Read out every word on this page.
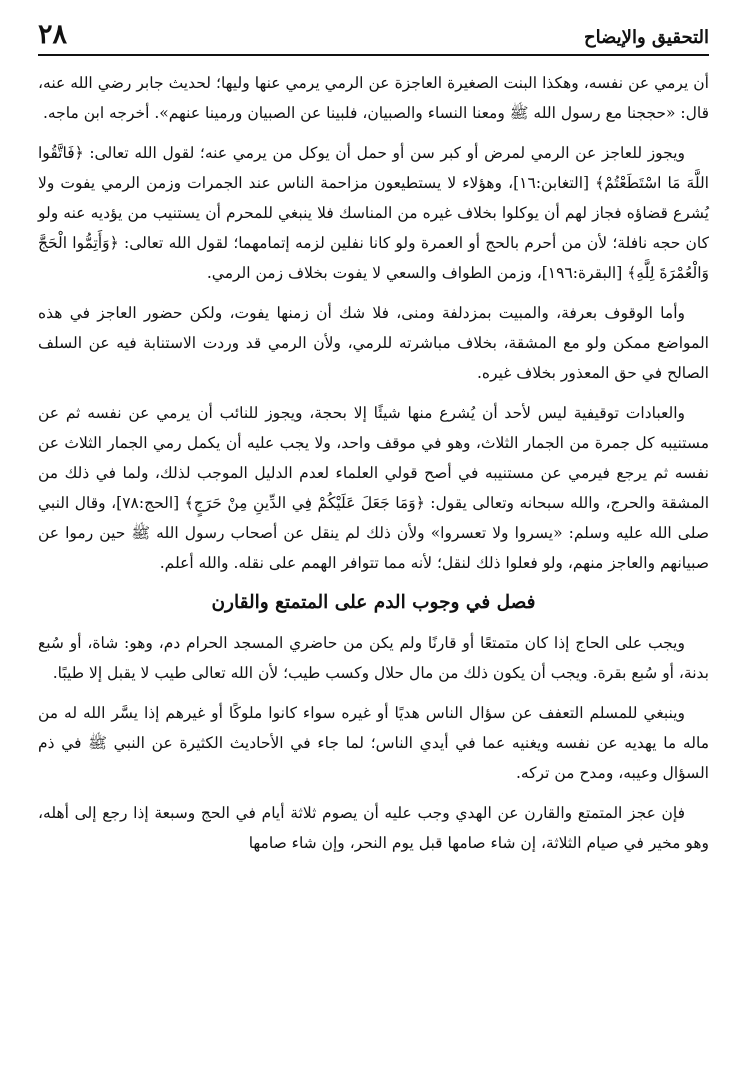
التحقيق والإيضاح
٢٨

أن يرمي عن نفسه، وهكذا البنت الصغيرة العاجزة عن الرمي يرمي عنها وليها؛ لحديث جابر رضي الله عنه، قال: «حججنا مع رسول الله ﷺ ومعنا النساء والصبيان، فلبينا عن الصبيان ورمينا عنهم». أخرجه ابن ماجه.

ويجوز للعاجز عن الرمي لمرض أو كبر سن أو حمل أن يوكل من يرمي عنه؛ لقول الله تعالى: ﴿فَاتَّقُوا اللَّهَ مَا اسْتَطَعْتُمْ﴾ [التغابن:١٦]، وهؤلاء لا يستطيعون مزاحمة الناس عند الجمرات وزمن الرمي يفوت ولا يُشرع قضاؤه فجاز لهم أن يوكلوا بخلاف غيره من المناسك فلا ينبغي للمحرم أن يستنيب من يؤديه عنه ولو كان حجه نافلة؛ لأن من أحرم بالحج أو العمرة ولو كانا نفلين لزمه إتمامهما؛ لقول الله تعالى: ﴿وَأَتِمُّوا الْحَجَّ وَالْعُمْرَةَ لِلَّهِ﴾ [البقرة:١٩٦]، وزمن الطواف والسعي لا يفوت بخلاف زمن الرمي.

وأما الوقوف بعرفة، والمبيت بمزدلفة ومنى، فلا شك أن زمنها يفوت، ولكن حضور العاجز في هذه المواضع ممكن ولو مع المشقة، بخلاف مباشرته للرمي، ولأن الرمي قد وردت الاستنابة فيه عن السلف الصالح في حق المعذور بخلاف غيره.

والعبادات توقيفية ليس لأحد أن يُشرع منها شيئًا إلا بحجة، ويجوز للنائب أن يرمي عن نفسه ثم عن مستنيبه كل جمرة من الجمار الثلاث، وهو في موقف واحد، ولا يجب عليه أن يكمل رمي الجمار الثلاث عن نفسه ثم يرجع فيرمي عن مستنيبه في أصح قولي العلماء لعدم الدليل الموجب لذلك، ولما في ذلك من المشقة والحرج، والله سبحانه وتعالى يقول: ﴿وَمَا جَعَلَ عَلَيْكُمْ فِي الدِّينِ مِنْ حَرَجٍ﴾ [الحج:٧٨]، وقال النبي صلى الله عليه وسلم: «يسروا ولا تعسروا» ولأن ذلك لم ينقل عن أصحاب رسول الله ﷺ حين رموا عن صبيانهم والعاجز منهم، ولو فعلوا ذلك لنقل؛ لأنه مما تتوافر الهمم على نقله. والله أعلم.

فصل في وجوب الدم على المتمتع والقارن

ويجب على الحاج إذا كان متمتعًا أو قارنًا ولم يكن من حاضري المسجد الحرام دم، وهو: شاة، أو سُبع بدنة، أو سُبع بقرة. ويجب أن يكون ذلك من مال حلال وكسب طيب؛ لأن الله تعالى طيب لا يقبل إلا طيبًا.

وينبغي للمسلم التعفف عن سؤال الناس هديًا أو غيره سواء كانوا ملوكًا أو غيرهم إذا يسَّر الله له من ماله ما يهديه عن نفسه ويغنيه عما في أيدي الناس؛ لما جاء في الأحاديث الكثيرة عن النبي ﷺ في ذم السؤال وعيبه، ومدح من تركه.

فإن عجز المتمتع والقارن عن الهدي وجب عليه أن يصوم ثلاثة أيام في الحج وسبعة إذا رجع إلى أهله، وهو مخير في صيام الثلاثة، إن شاء صامها قبل يوم النحر، وإن شاء صامها
